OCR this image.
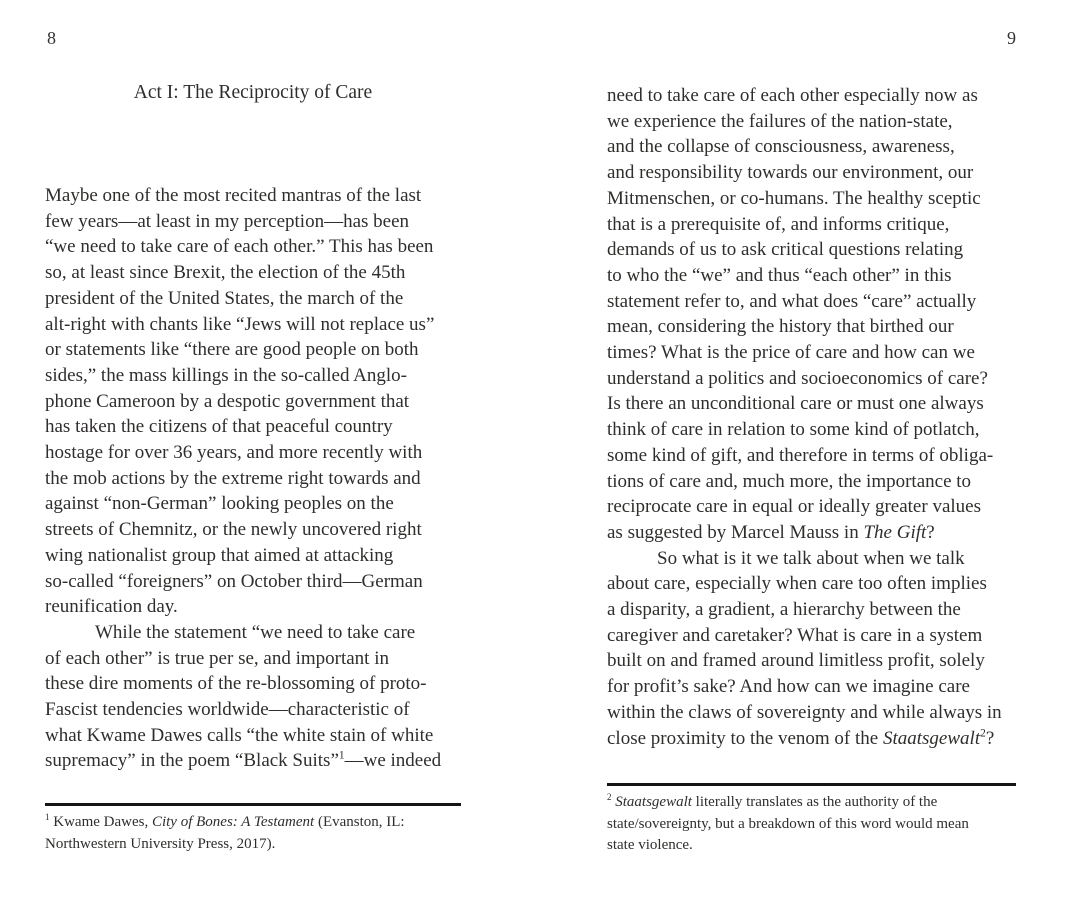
8
Act I: The Reciprocity of Care
Maybe one of the most recited mantras of the last
few years—at least in my perception—has been
“we need to take care of each other.” This has been
so, at least since Brexit, the election of the 45th
president of the United States, the march of the
alt-right with chants like “Jews will not replace us”
or statements like “there are good people on both
sides,” the mass killings in the so-called Anglo-
phone Cameroon by a despotic government that
has taken the citizens of that peaceful country
hostage for over 36 years, and more recently with
the mob actions by the extreme right towards and
against “non-German” looking peoples on the
streets of Chemnitz, or the newly uncovered right
wing nationalist group that aimed at attacking
so-called “foreigners” on October third—German
reunification day.
While the statement “we need to take care
of each other” is true per se, and important in
these dire moments of the re-blossoming of proto-
Fascist tendencies worldwide—characteristic of
what Kwame Dawes calls “the white stain of white
supremacy” in the poem “Black Suits”$^1$—we indeed
$^1$ Kwame Dawes, City of Bones: A Testament (Evanston, IL:
Northwestern University Press, 2017).
9
need to take care of each other especially now as
we experience the failures of the nation-state,
and the collapse of consciousness, awareness,
and responsibility towards our environment, our
Mitmenschen, or co-humans. The healthy sceptic
that is a prerequisite of, and informs critique,
demands of us to ask critical questions relating
to who the “we” and thus “each other” in this
statement refer to, and what does “care” actually
mean, considering the history that birthed our
times? What is the price of care and how can we
understand a politics and socioeconomics of care?
Is there an unconditional care or must one always
think of care in relation to some kind of potlatch,
some kind of gift, and therefore in terms of obliga-
tions of care and, much more, the importance to
reciprocate care in equal or ideally greater values
as suggested by Marcel Mauss in The Gift?
So what is it we talk about when we talk
about care, especially when care too often implies
a disparity, a gradient, a hierarchy between the
caregiver and caretaker? What is care in a system
built on and framed around limitless profit, solely
for profit’s sake? And how can we imagine care
within the claws of sovereignty and while always in
close proximity to the venom of the Staatsgewalt$^2$?
$^2$ Staatsgewalt literally translates as the authority of the
state/sovereignty, but a breakdown of this word would mean
state violence.
